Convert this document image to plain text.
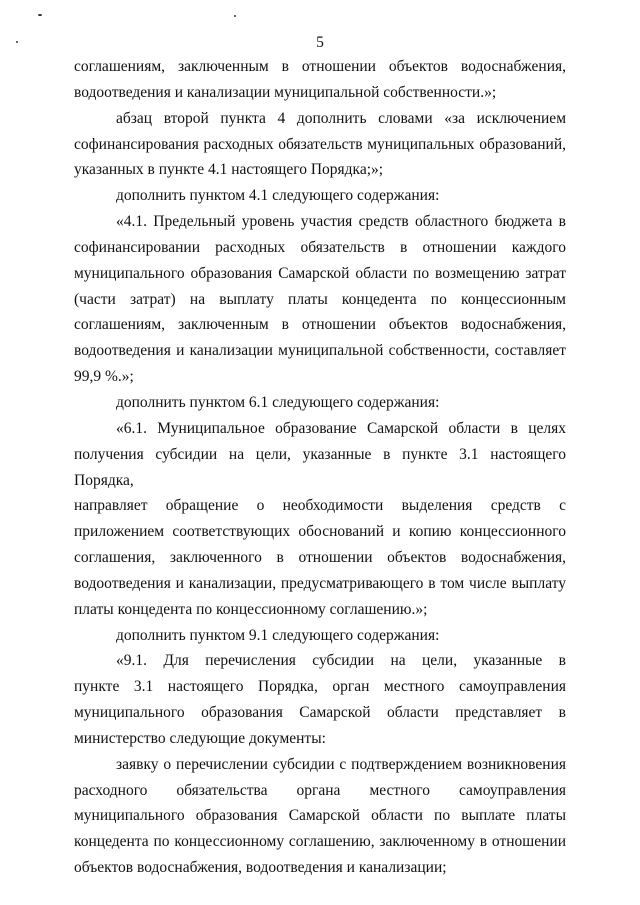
5

соглашениям, заключенным в отношении объектов водоснабжения,

водоотведения и канализации муниципальной собственности.»;

абзац второй пункта 4 дополнить словами «за исключением

софинансирования расходных обязательств муниципальных образований,

указанных в пункте 4.1 настоящего Порядка;»;

дополнить пунктом 4.1 следующего содержания:

«4.1. Предельный уровень участия средств областного бюджета в

софинансировании расходных обязательств в отношении каждого

муниципального образования Самарской области по возмещению затрат

(части затрат) на выплату платы концедента по концессионным

соглашениям, заключенным в отношении объектов водоснабжения,

водоотведения и канализации муниципальной собственности, составляет

99,9 %.»;

дополнить пунктом 6.1 следующего содержания:

«6.1. Муниципальное образование Самарской области в целях

получения субсидии на цели, указанные в пункте 3.1 настоящего Порядка,

направляет обращение о необходимости выделения средств с

приложением соответствующих обоснований и копию концессионного

соглашения, заключенного в отношении объектов водоснабжения,

водоотведения и канализации, предусматривающего в том числе выплату

платы концедента по концессионному соглашению.»;

дополнить пунктом 9.1 следующего содержания:

«9.1. Для перечисления субсидии на цели, указанные в

пункте 3.1 настоящего Порядка, орган местного самоуправления

муниципального образования Самарской области представляет в

министерство следующие документы:

заявку о перечислении субсидии с подтверждением возникновения

расходного обязательства органа местного самоуправления

муниципального образования Самарской области по выплате платы

концедента по концессионному соглашению, заключенному в отношении

объектов водоснабжения, водоотведения и канализации;
